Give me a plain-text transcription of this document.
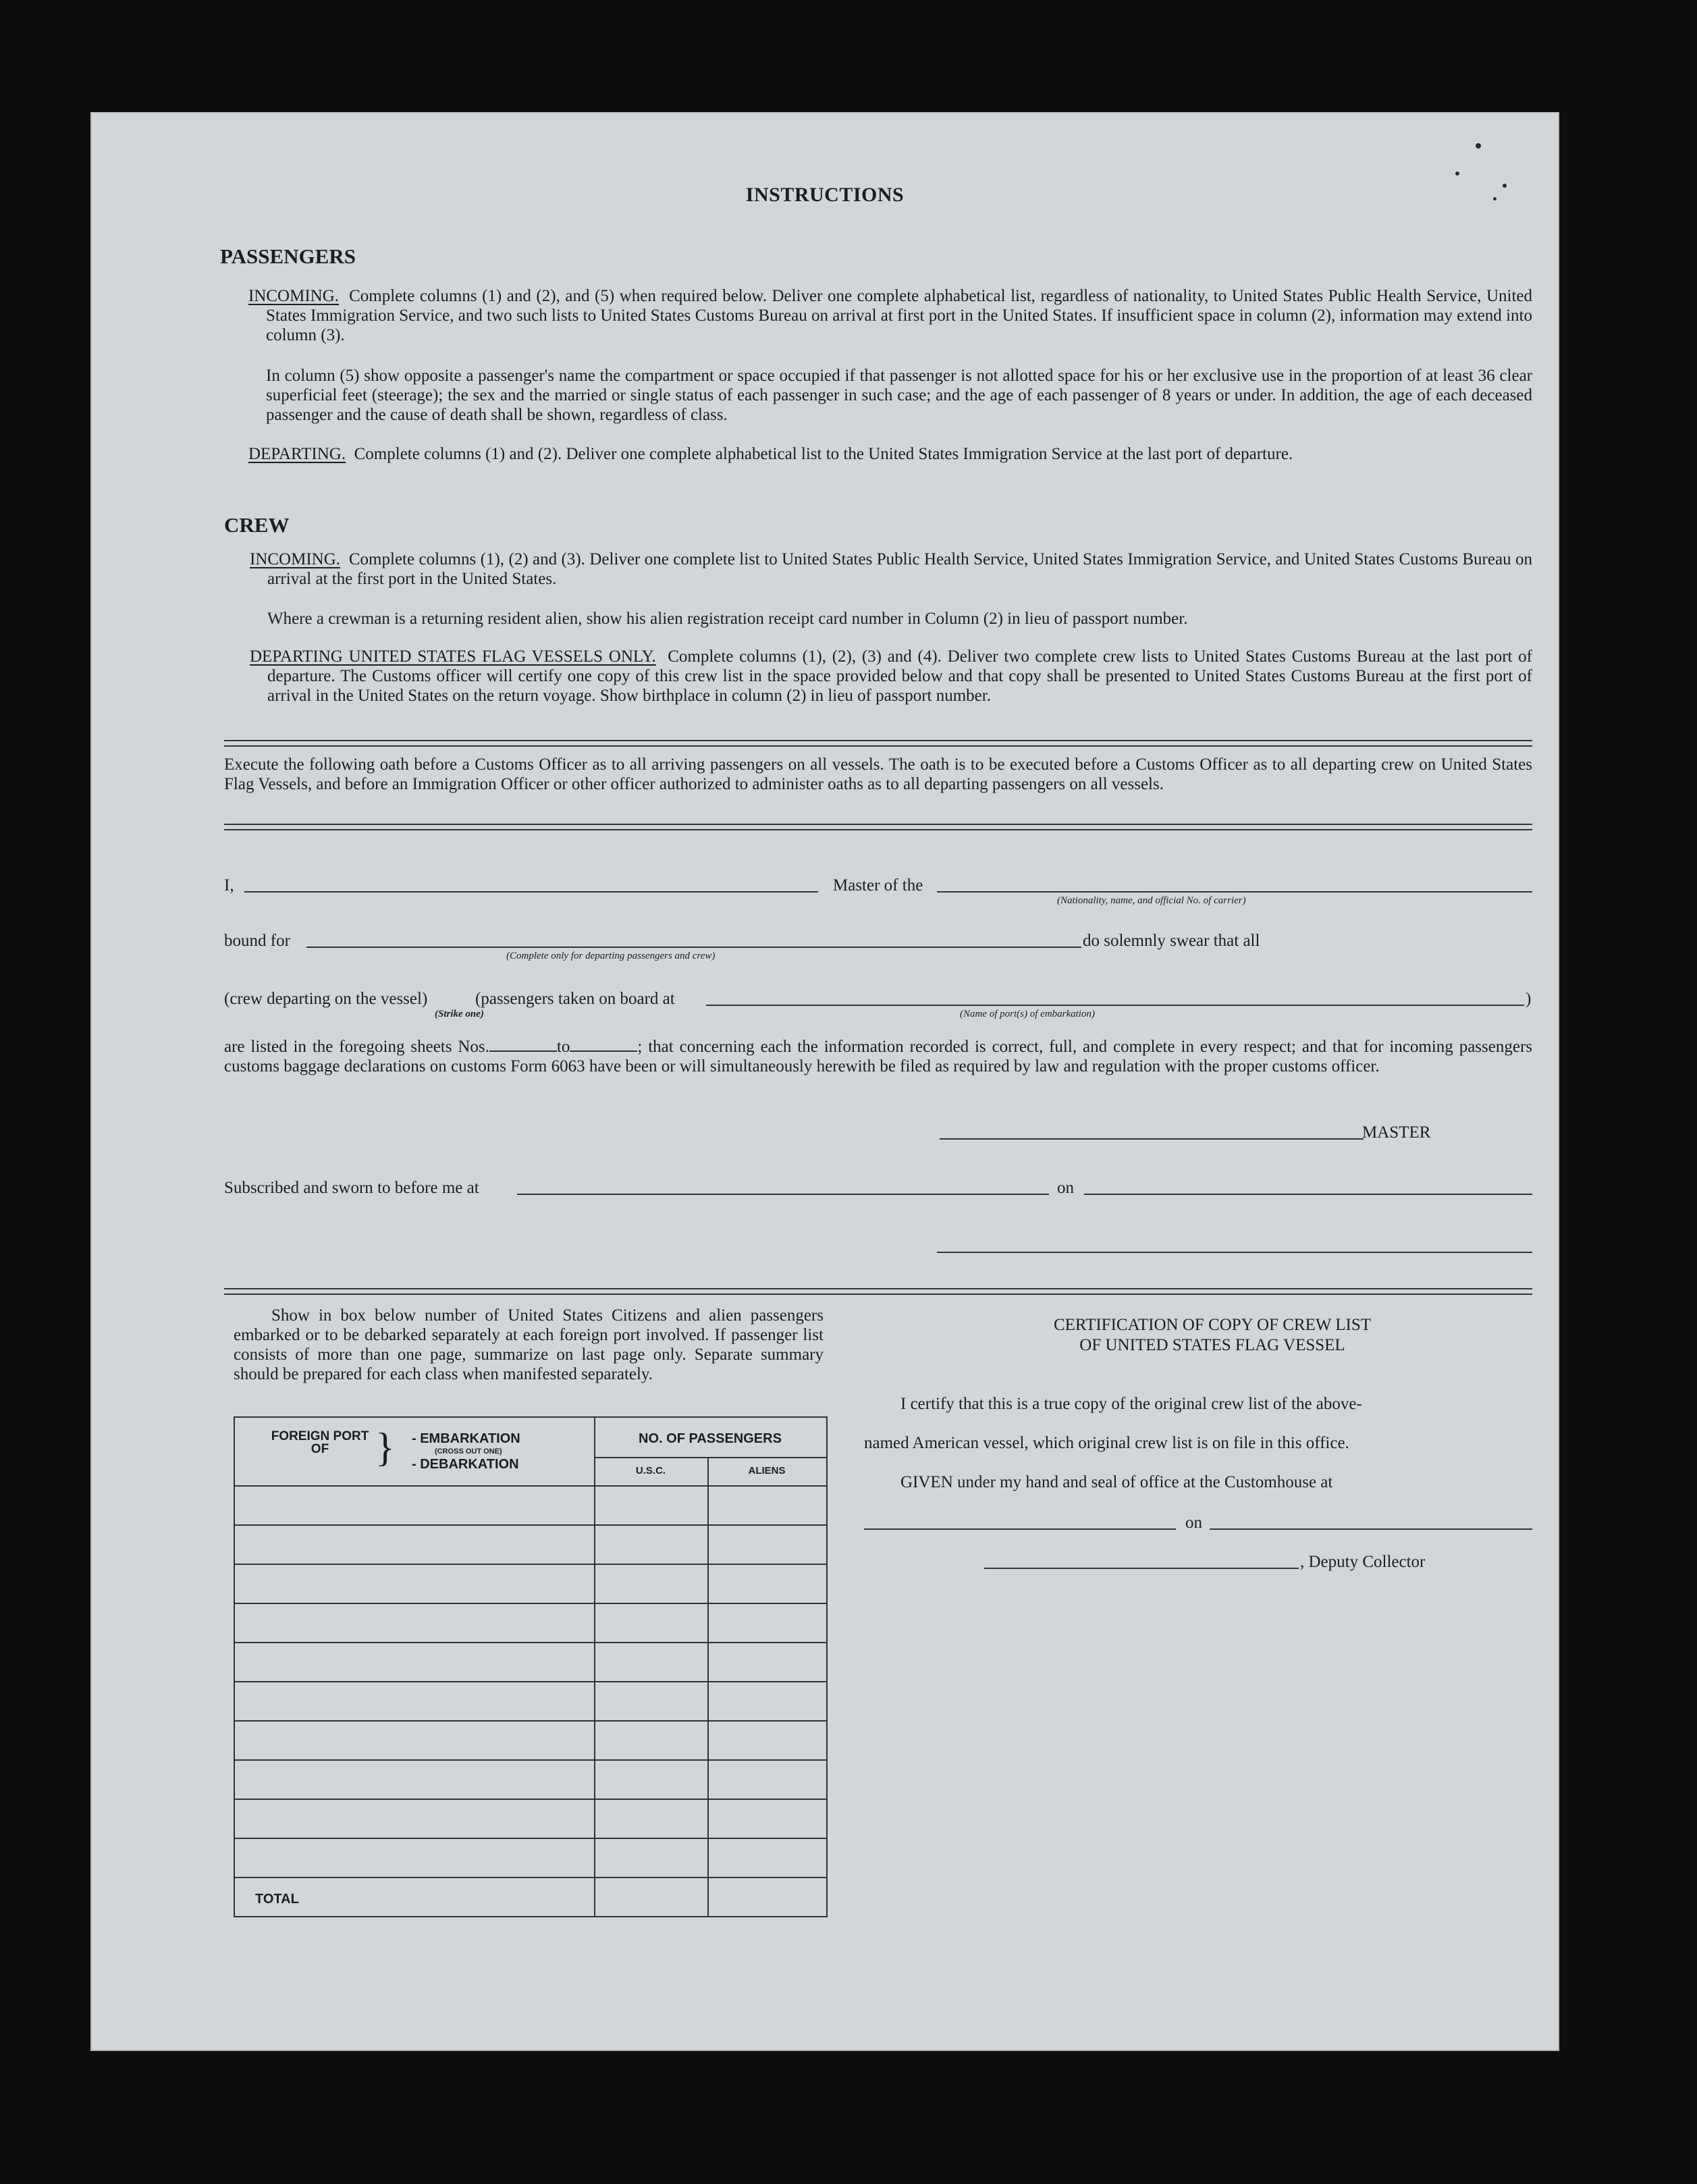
INSTRUCTIONS
PASSENGERS

INCOMING. Complete columns (1) and (2), and (5) when required below. Deliver one complete alphabetical list, regardless of nationality, to United States Public Health Service, United States Immigration Service, and two such lists to United States Customs Bureau on arrival at first port in the United States. If insufficient space in column (2), information may extend into column (3).

In column (5) show opposite a passenger's name the compartment or space occupied if that passenger is not allotted space for his or her exclusive use in the proportion of at least 36 clear superficial feet (steerage); the sex and the married or single status of each passenger in such case; and the age of each passenger of 8 years or under. In addition, the age of each deceased passenger and the cause of death shall be shown, regardless of class.

DEPARTING. Complete columns (1) and (2). Deliver one complete alphabetical list to the United States Immigration Service at the last port of departure.

CREW

INCOMING. Complete columns (1), (2) and (3). Deliver one complete list to United States Public Health Service, United States Immigration Service, and United States Customs Bureau on arrival at the first port in the United States.

Where a crewman is a returning resident alien, show his alien registration receipt card number in Column (2) in lieu of passport number.

DEPARTING UNITED STATES FLAG VESSELS ONLY. Complete columns (1), (2), (3) and (4). Deliver two complete crew lists to United States Customs Bureau at the last port of departure. The Customs officer will certify one copy of this crew list in the space provided below and that copy shall be presented to United States Customs Bureau at the first port of arrival in the United States on the return voyage. Show birthplace in column (2) in lieu of passport number.

Execute the following oath before a Customs Officer as to all arriving passengers on all vessels. The oath is to be executed before a Customs Officer as to all departing crew on United States Flag Vessels, and before an Immigration Officer or other officer authorized to administer oaths as to all departing passengers on all vessels.

I,	Master of the
(Nationality, name, and official No. of carrier)
bound for
(Complete only for departing passengers and crew)
do solemnly swear that all
(crew departing on the vessel)	(passengers taken on board at	)
(Strike one)	(Name of port(s) of embarkation)

are listed in the foregoing sheets Nos.	to	; that concerning each the information recorded is correct, full, and complete in every respect; and that for incoming passengers customs baggage declarations on customs Form 6063 have been or will simultaneously herewith be filed as required by law and regulation with the proper customs officer.

MASTER
Subscribed and sworn to before me at	on

Show in box below number of United States Citizens and alien passengers embarked or to be debarked separately at each foreign port involved. If passenger list consists of more than one page, summarize on last page only. Separate summary should be prepared for each class when manifested separately.

FOREIGN PORT OF	} - EMBARKATION
(CROSS OUT ONE)
- DEBARKATION
NO. OF PASSENGERS
U.S.C.	ALIENS
TOTAL
CERTIFICATION OF COPY OF CREW LIST
OF UNITED STATES FLAG VESSEL
I certify that this is a true copy of the original crew list of the above-
named American vessel, which original crew list is on file in this office.
GIVEN under my hand and seal of office at the Customhouse at
on
, Deputy Collector
